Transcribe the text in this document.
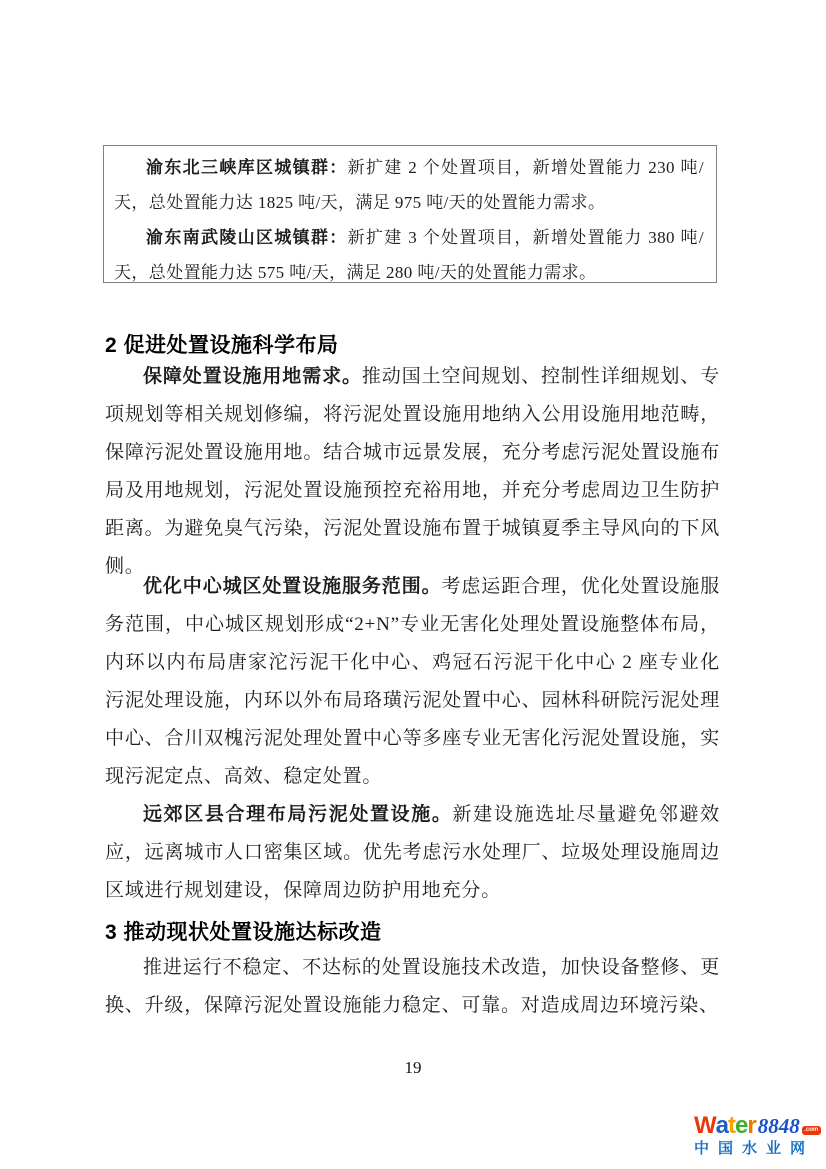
渝东北三峡库区城镇群：新扩建 2 个处置项目，新增处置能力 230 吨/天，总处置能力达 1825 吨/天，满足 975 吨/天的处置能力需求。

渝东南武陵山区城镇群：新扩建 3 个处置项目，新增处置能力 380 吨/天，总处置能力达 575 吨/天，满足 280 吨/天的处置能力需求。

2 促进处置设施科学布局
保障处置设施用地需求。推动国土空间规划、控制性详细规划、专项规划等相关规划修编，将污泥处置设施用地纳入公用设施用地范畴，保障污泥处置设施用地。结合城市远景发展，充分考虑污泥处置设施布局及用地规划，污泥处置设施预控充裕用地，并充分考虑周边卫生防护距离。为避免臭气污染，污泥处置设施布置于城镇夏季主导风向的下风侧。
优化中心城区处置设施服务范围。考虑运距合理，优化处置设施服务范围，中心城区规划形成“2+N”专业无害化处理处置设施整体布局，内环以内布局唐家沱污泥干化中心、鸡冠石污泥干化中心 2 座专业化污泥处理设施，内环以外布局珞璜污泥处置中心、园林科研院污泥处理中心、合川双槐污泥处理处置中心等多座专业无害化污泥处置设施，实现污泥定点、高效、稳定处置。
远郊区县合理布局污泥处置设施。新建设施选址尽量避免邻避效应，远离城市人口密集区域。优先考虑污水处理厂、垃圾处理设施周边区域进行规划建设，保障周边防护用地充分。
3 推动现状处置设施达标改造
推进运行不稳定、不达标的处置设施技术改造，加快设备整修、更换、升级，保障污泥处置设施能力稳定、可靠。对造成周边环境污染、
19
W a t e r 8848 .com
中国水业网
